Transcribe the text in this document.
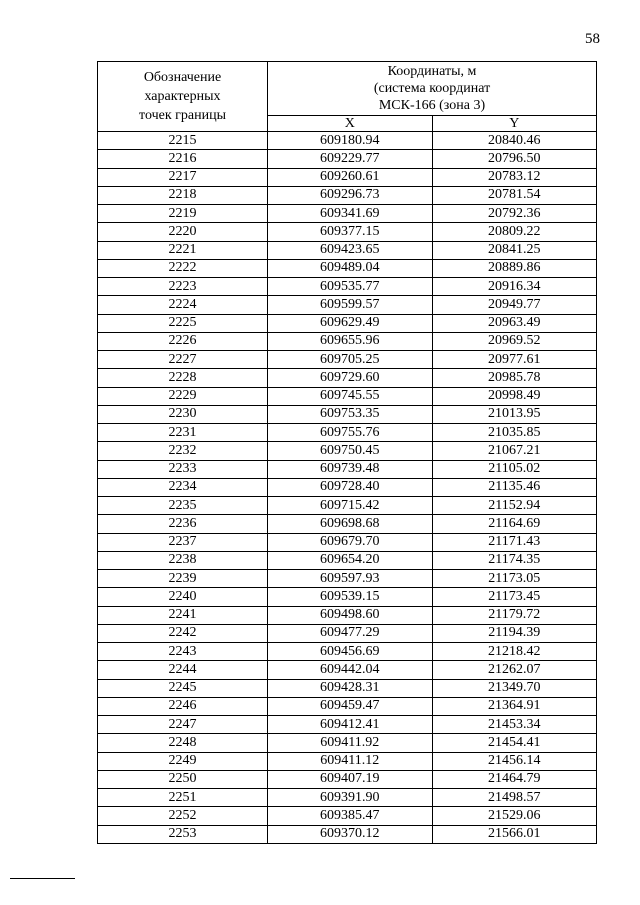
58
Обозначение
характерных
точек границы	Координаты, м
(система координат
МСК-166 (зона 3)	

	X	Y
2215	609180.94	20840.46
2216	609229.77	20796.50
2217	609260.61	20783.12
2218	609296.73	20781.54
2219	609341.69	20792.36
2220	609377.15	20809.22
2221	609423.65	20841.25
2222	609489.04	20889.86
2223	609535.77	20916.34
2224	609599.57	20949.77
2225	609629.49	20963.49
2226	609655.96	20969.52
2227	609705.25	20977.61
2228	609729.60	20985.78
2229	609745.55	20998.49
2230	609753.35	21013.95
2231	609755.76	21035.85
2232	609750.45	21067.21
2233	609739.48	21105.02
2234	609728.40	21135.46
2235	609715.42	21152.94
2236	609698.68	21164.69
2237	609679.70	21171.43
2238	609654.20	21174.35
2239	609597.93	21173.05
2240	609539.15	21173.45
2241	609498.60	21179.72
2242	609477.29	21194.39
2243	609456.69	21218.42
2244	609442.04	21262.07
2245	609428.31	21349.70
2246	609459.47	21364.91
2247	609412.41	21453.34
2248	609411.92	21454.41
2249	609411.12	21456.14
2250	609407.19	21464.79
2251	609391.90	21498.57
2252	609385.47	21529.06
2253	609370.12	21566.01
